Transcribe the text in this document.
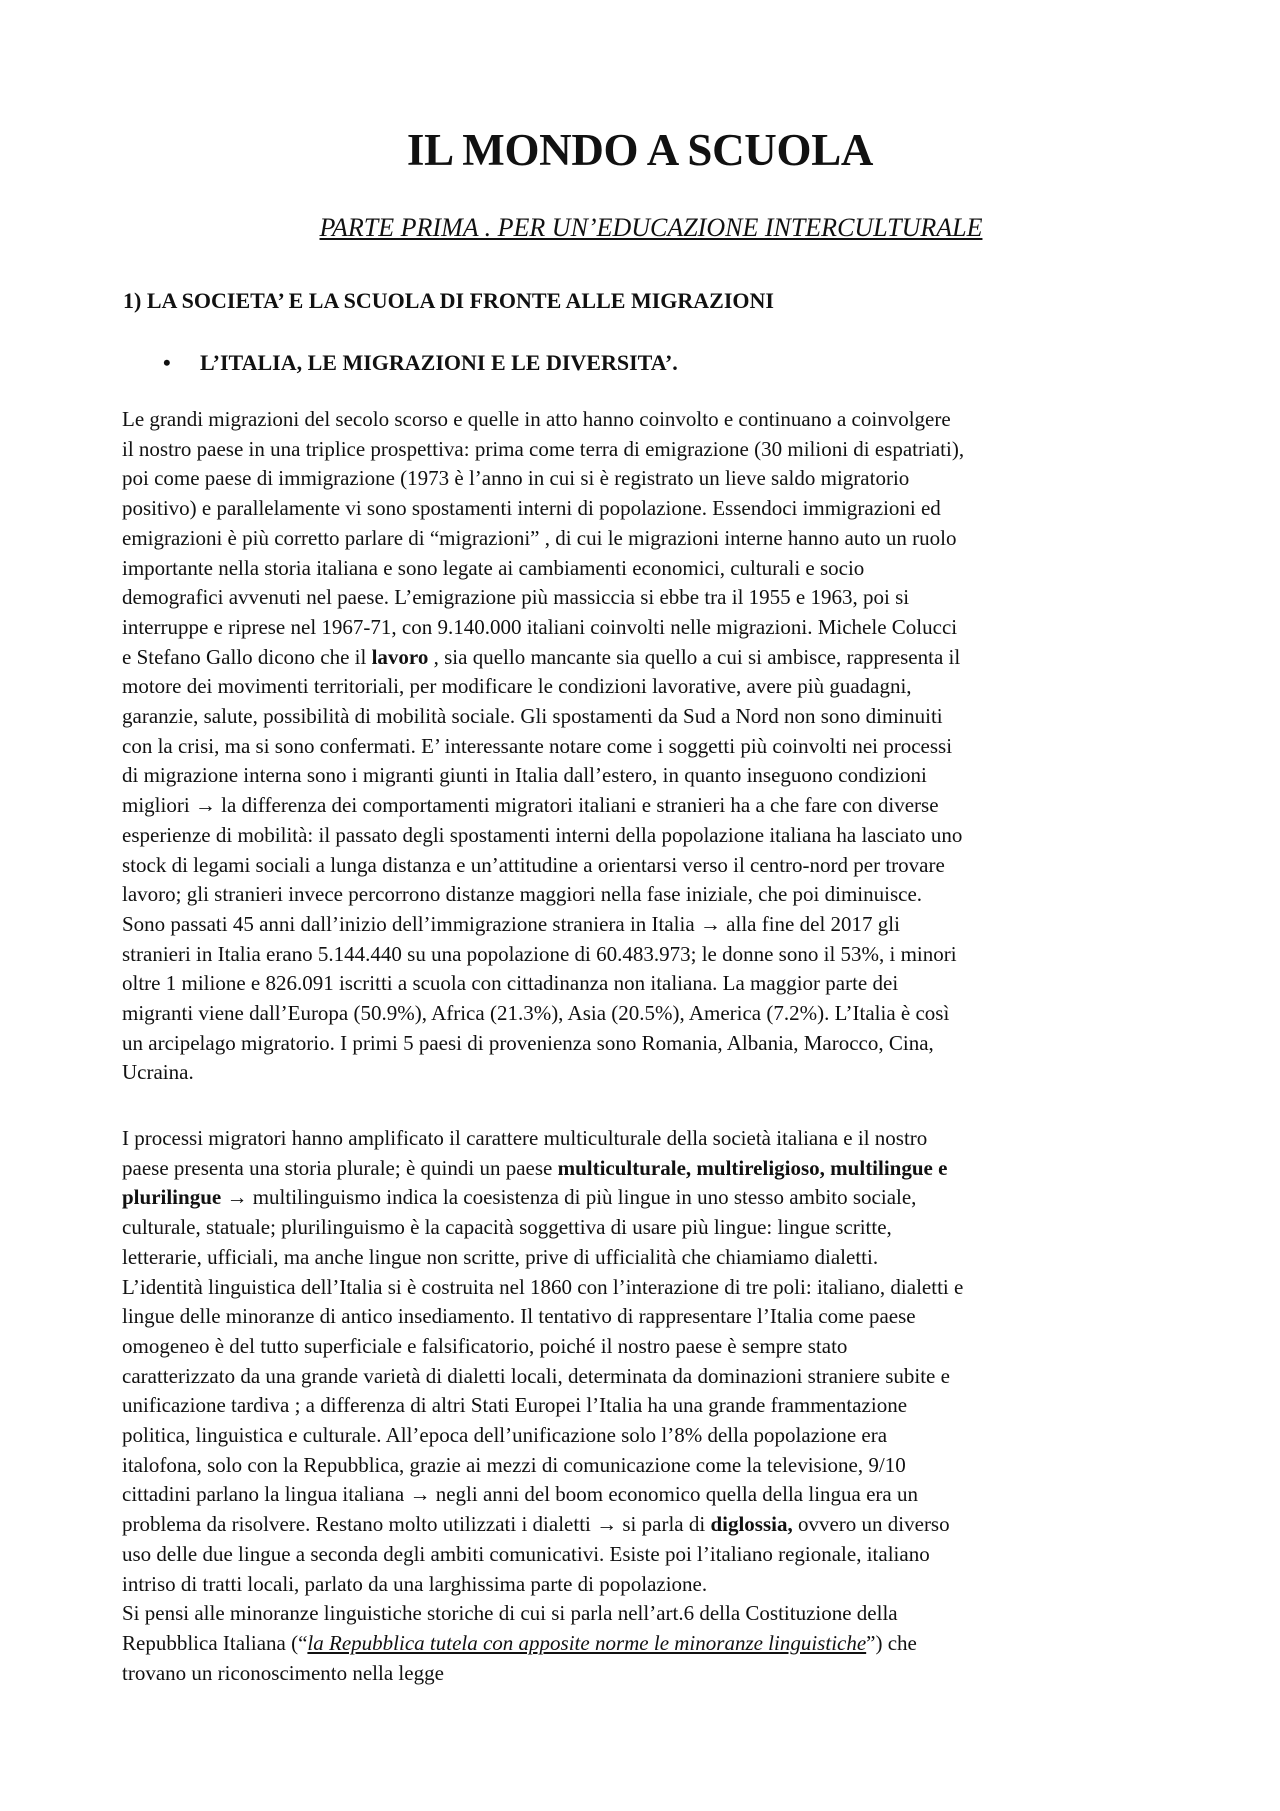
IL MONDO A SCUOLA

PARTE PRIMA . PER UN’EDUCAZIONE INTERCULTURALE

1) LA SOCIETA’ E LA SCUOLA DI FRONTE ALLE MIGRAZIONI
• L’ITALIA, LE MIGRAZIONI E LE DIVERSITA’.
Le grandi migrazioni del secolo scorso e quelle in atto hanno coinvolto e continuano a coinvolgere
il nostro paese in una triplice prospettiva: prima come terra di emigrazione (30 milioni di espatriati),
poi come paese di immigrazione (1973 è l’anno in cui si è registrato un lieve saldo migratorio
positivo) e parallelamente vi sono spostamenti interni di popolazione. Essendoci immigrazioni ed
emigrazioni è più corretto parlare di “migrazioni” , di cui le migrazioni interne hanno auto un ruolo
importante nella storia italiana e sono legate ai cambiamenti economici, culturali e socio
demografici avvenuti nel paese. L’emigrazione più massiccia si ebbe tra il 1955 e 1963, poi si
interruppe e riprese nel 1967-71, con 9.140.000 italiani coinvolti nelle migrazioni. Michele Colucci
e Stefano Gallo dicono che il lavoro , sia quello mancante sia quello a cui si ambisce, rappresenta il
motore dei movimenti territoriali, per modificare le condizioni lavorative, avere più guadagni,
garanzie, salute, possibilità di mobilità sociale. Gli spostamenti da Sud a Nord non sono diminuiti
con la crisi, ma si sono confermati. E’ interessante notare come i soggetti più coinvolti nei processi
di migrazione interna sono i migranti giunti in Italia dall’estero, in quanto inseguono condizioni
migliori → la differenza dei comportamenti migratori italiani e stranieri ha a che fare con diverse
esperienze di mobilità: il passato degli spostamenti interni della popolazione italiana ha lasciato uno
stock di legami sociali a lunga distanza e un’attitudine a orientarsi verso il centro-nord per trovare
lavoro; gli stranieri invece percorrono distanze maggiori nella fase iniziale, che poi diminuisce.
Sono passati 45 anni dall’inizio dell’immigrazione straniera in Italia → alla fine del 2017 gli
stranieri in Italia erano 5.144.440 su una popolazione di 60.483.973; le donne sono il 53%, i minori
oltre 1 milione e 826.091 iscritti a scuola con cittadinanza non italiana. La maggior parte dei
migranti viene dall’Europa (50.9%), Africa (21.3%), Asia (20.5%), America (7.2%). L’Italia è così
un arcipelago migratorio. I primi 5 paesi di provenienza sono Romania, Albania, Marocco, Cina,
Ucraina.
I processi migratori hanno amplificato il carattere multiculturale della società italiana e il nostro
paese presenta una storia plurale; è quindi un paese multiculturale, multireligioso, multilingue e
plurilingue → multilinguismo indica la coesistenza di più lingue in uno stesso ambito sociale,
culturale, statuale; plurilinguismo è la capacità soggettiva di usare più lingue: lingue scritte,
letterarie, ufficiali, ma anche lingue non scritte, prive di ufficialità che chiamiamo dialetti.
L’identità linguistica dell’Italia si è costruita nel 1860 con l’interazione di tre poli: italiano, dialetti e
lingue delle minoranze di antico insediamento. Il tentativo di rappresentare l’Italia come paese
omogeneo è del tutto superficiale e falsificatorio, poiché il nostro paese è sempre stato
caratterizzato da una grande varietà di dialetti locali, determinata da dominazioni straniere subite e
unificazione tardiva ; a differenza di altri Stati Europei l’Italia ha una grande frammentazione
politica, linguistica e culturale. All’epoca dell’unificazione solo l’8% della popolazione era
italofona, solo con la Repubblica, grazie ai mezzi di comunicazione come la televisione, 9/10
cittadini parlano la lingua italiana → negli anni del boom economico quella della lingua era un
problema da risolvere. Restano molto utilizzati i dialetti → si parla di diglossia, ovvero un diverso
uso delle due lingue a seconda degli ambiti comunicativi. Esiste poi l’italiano regionale, italiano
intriso di tratti locali, parlato da una larghissima parte di popolazione.
Si pensi alle minoranze linguistiche storiche di cui si parla nell’art.6 della Costituzione della
Repubblica Italiana (“la Repubblica tutela con apposite norme le minoranze linguistiche”) che
trovano un riconoscimento nella legge
